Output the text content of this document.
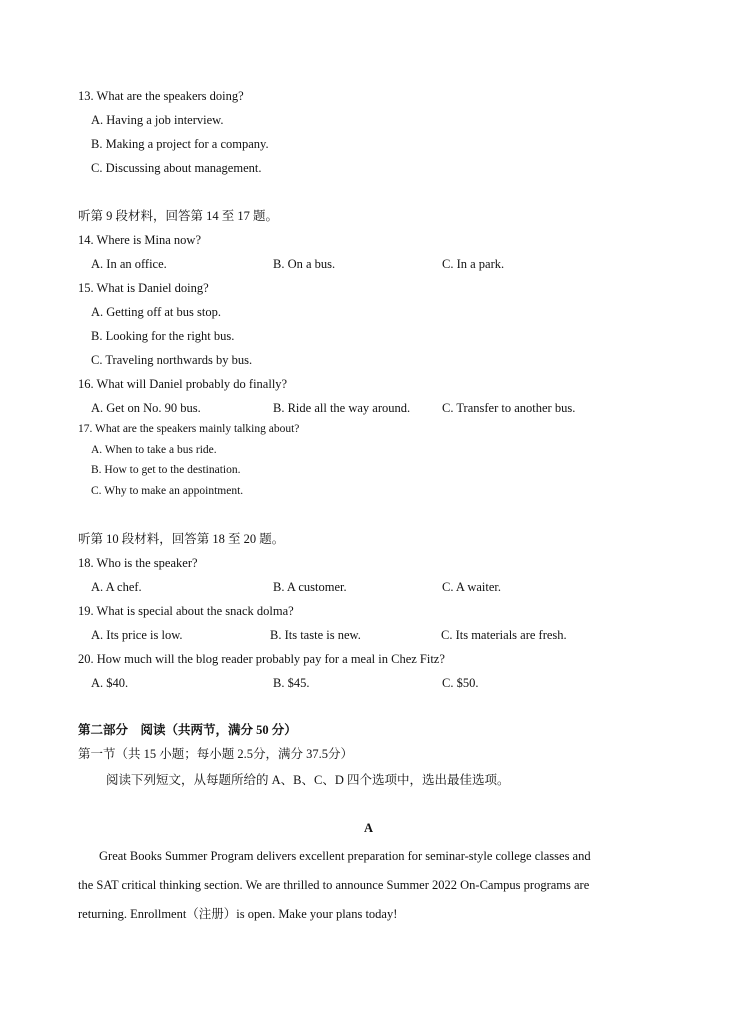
13. What are the speakers doing?
A. Having a job interview.
B. Making a project for a company.
C. Discussing about management.
听第 9 段材料，回答第 14 至 17 题。
14. Where is Mina now?
A. In an office.	B. On a bus.	C. In a park.
15. What is Daniel doing?
A. Getting off at bus stop.
B. Looking for the right bus.
C. Traveling northwards by bus.
16. What will Daniel probably do finally?
A. Get on No. 90 bus.	B. Ride all the way around.	C. Transfer to another bus.
17. What are the speakers mainly talking about?
A. When to take a bus ride.
B. How to get to the destination.
C. Why to make an appointment.
听第 10 段材料，回答第 18 至 20 题。
18. Who is the speaker?
A. A chef.	B. A customer.	C. A waiter.
19. What is special about the snack dolma?
A. Its price is low.	B. Its taste is new.	C. Its materials are fresh.
20. How much will the blog reader probably pay for a meal in Chez Fitz?
A. $40.	B. $45.	C. $50.
第二部分　阅读（共两节，满分 50 分）
第一节（共 15 小题；每小题 2.5分，满分 37.5分）
阅读下列短文，从每题所给的 A、B、C、D 四个选项中，选出最佳选项。
A
Great Books Summer Program delivers excellent preparation for seminar-style college classes and
the SAT critical thinking section. We are thrilled to announce Summer 2022 On-Campus programs are
returning. Enrollment（注册）is open. Make your plans today!
